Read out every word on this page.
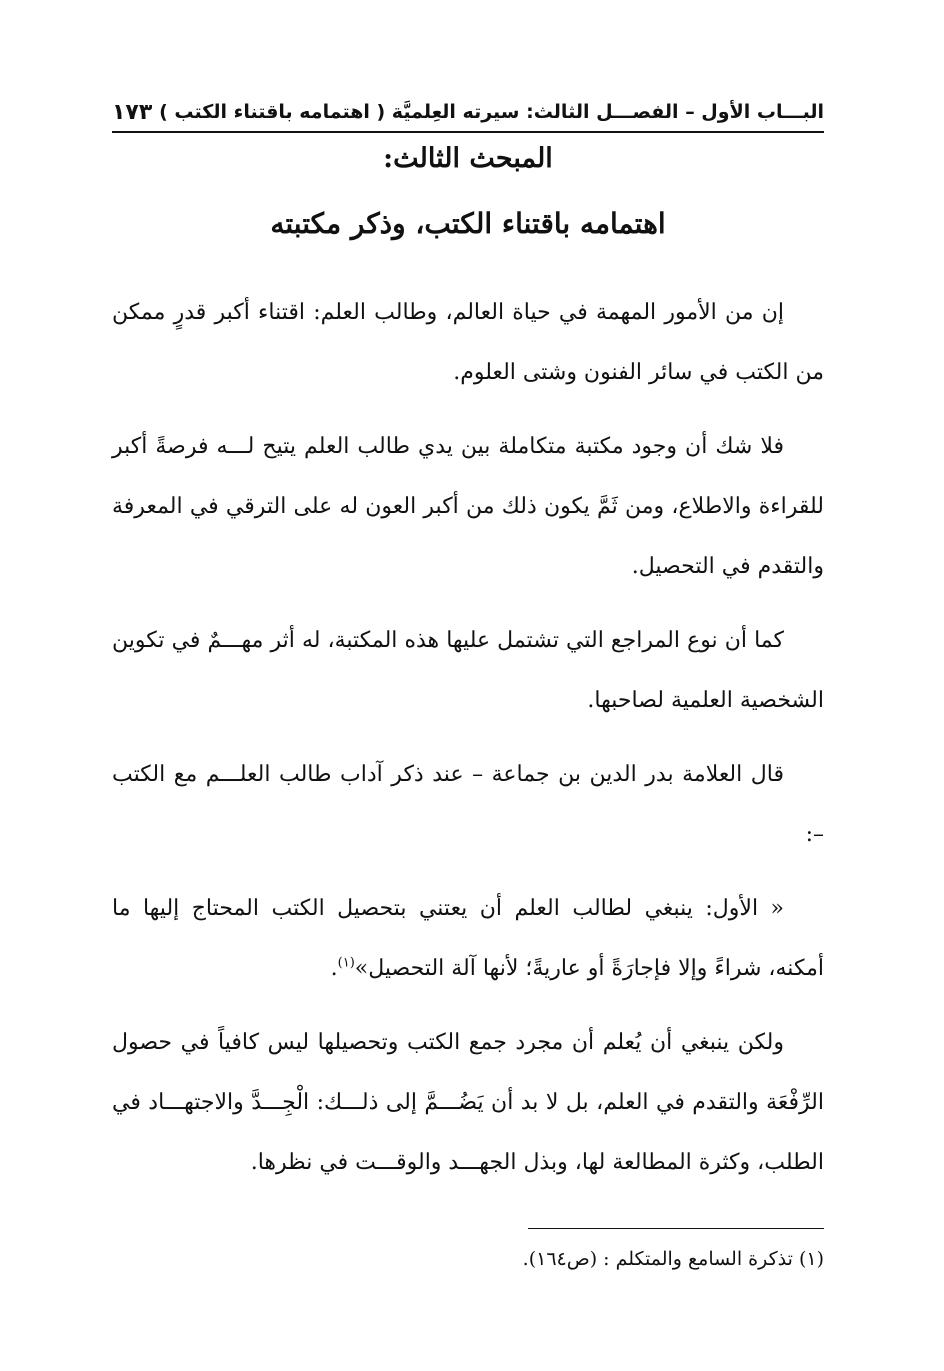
البـــاب الأول – الفصـــل الثالث: سيرته العِلميَّة ( اهتمامه باقتناء الكتب )
١٧٣
المبحث الثالث:
اهتمامه باقتناء الكتب، وذكر مكتبته

إن من الأمور المهمة في حياة العالم، وطالب العلم: اقتناء أكبر قدرٍ ممكن من الكتب في سائر الفنون وشتى العلوم.

فلا شك أن وجود مكتبة متكاملة بين يدي طالب العلم يتيح لـــه فرصةً أكبر للقراءة والاطلاع، ومن ثَمَّ يكون ذلك من أكبر العون له على الترقي في المعرفة والتقدم في التحصيل.

كما أن نوع المراجع التي تشتمل عليها هذه المكتبة، له أثر مهـــمٌ في تكوين الشخصية العلمية لصاحبها.

قال العلامة بدر الدين بن جماعة – عند ذكر آداب طالب العلـــم مع الكتب –:

« الأول: ينبغي لطالب العلم أن يعتني بتحصيل الكتب المحتاج إليها ما أمكنه، شراءً وإلا فإجارَةً أو عاريةً؛ لأنها آلة التحصيل»$^{(١)}$.

ولكن ينبغي أن يُعلم أن مجرد جمع الكتب وتحصيلها ليس كافياً في حصول الرِّفْعَة والتقدم في العلم، بل لا بد أن يَضُـــمَّ إلى ذلـــك: الْجِـــدَّ والاجتهـــاد في الطلب، وكثرة المطالعة لها، وبذل الجهـــد والوقـــت في نظرها.

(١) تذكرة السامع والمتكلم : (ص١٦٤).
